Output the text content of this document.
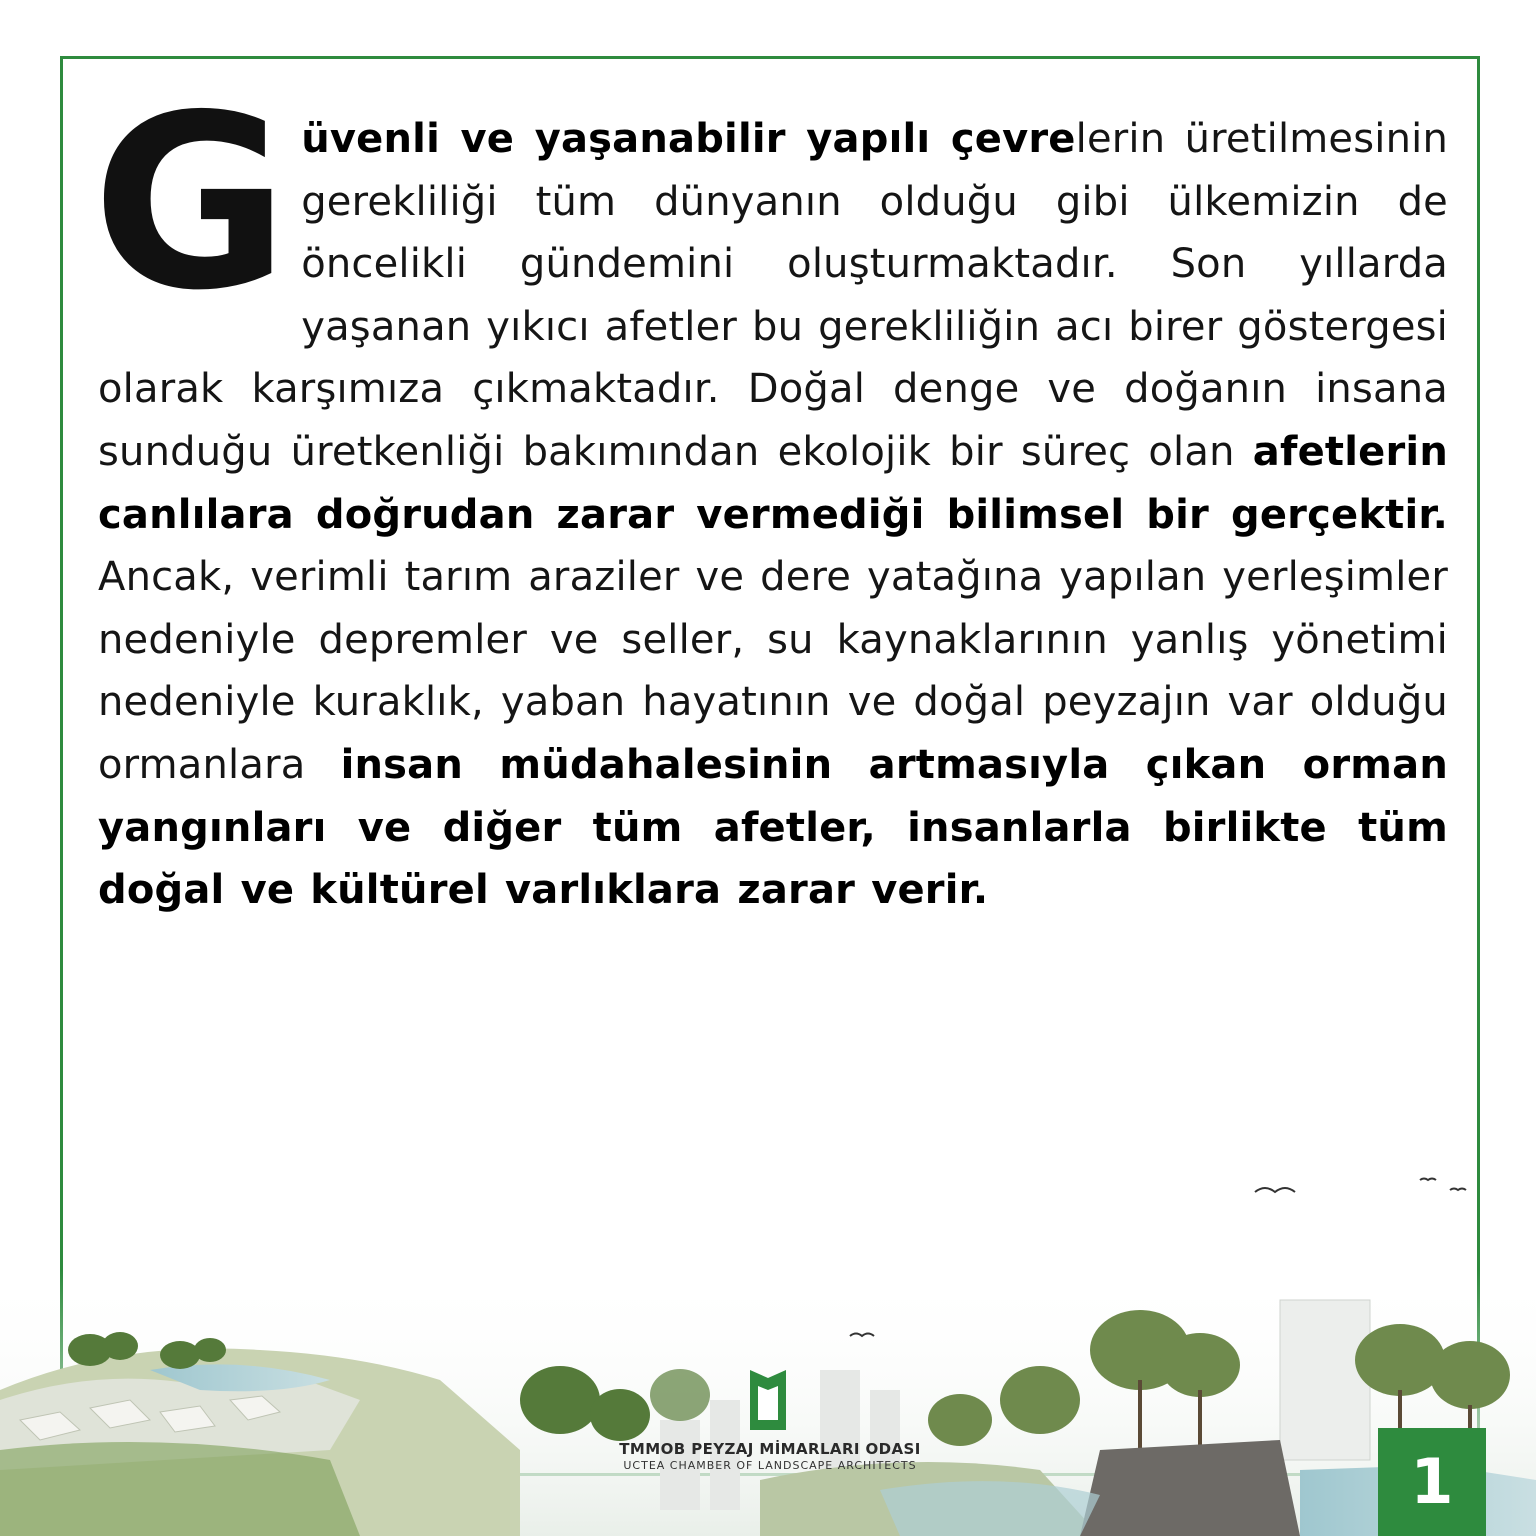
G üvenli ve yaşanabilir yapılı çevrelerin üretilmesinin gerekliliği tüm dünyanın olduğu gibi ülkemizin de öncelikli gündemini oluşturmaktadır. Son yıllarda yaşanan yıkıcı afetler bu gerekliliğin acı birer göstergesi olarak karşımıza çıkmaktadır. Doğal denge ve doğanın insana sunduğu üretkenliği bakımından ekolojik bir süreç olan afetlerin canlılara doğrudan zarar vermediği bilimsel bir gerçektir. Ancak, verimli tarım araziler ve dere yatağına yapılan yerleşimler nedeniyle depremler ve seller, su kaynaklarının yanlış yönetimi nedeniyle kuraklık, yaban hayatının ve doğal peyzajın var olduğu ormanlara insan müdahalesinin artmasıyla çıkan orman yangınları ve diğer tüm afetler, insanlarla birlikte tüm doğal ve kültürel varlıklara zarar verir.
TMMOB PEYZAJ MİMARLARI ODASI
UCTEA CHAMBER OF LANDSCAPE ARCHITECTS	1
